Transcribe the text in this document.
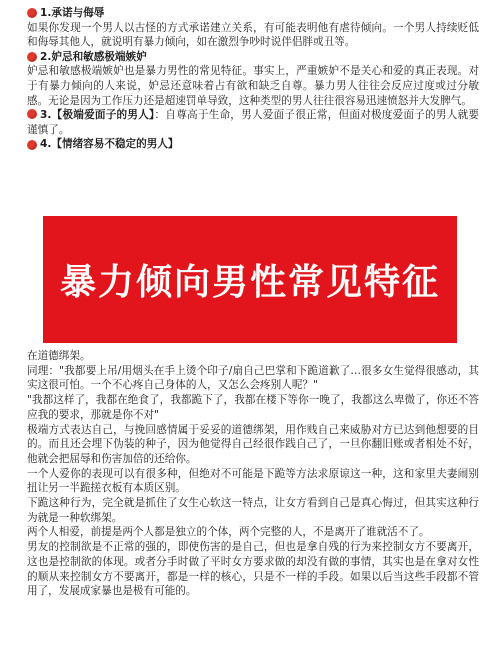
1.承诺与侮辱

如果你发现一个男人以古怪的方式承诺建立关系，有可能表明他有虐待倾向。一个男人持续贬低和侮辱其他人，就说明有暴力倾向，如在激烈争吵时说伴侣胖或丑等。

2.妒忌和敏感极端嫉妒

妒忌和敏感极端嫉妒也是暴力男性的常见特征。事实上，严重嫉妒不是关心和爱的真正表现。对于有暴力倾向的人来说，妒忌还意味着占有欲和缺乏自尊。暴力男人往往会反应过度或过分敏感。无论是因为工作压力还是超速罚单导致，这种类型的男人往往很容易迅速愤怒并大发脾气。

3.【极端爱面子的男人】：自尊高于生命，男人爱面子很正常，但面对极度爱面子的男人就要谨慎了。

4.【情绪容易不稳定的男人】
暴力倾向男性常见特征

在道德绑架。

同理："我都要上吊/用烟头在手上烫个印子/扇自己巴掌和下跪道歉了…很多女生觉得很感动，其实这很可怕。一个不心疼自己身体的人，又怎么会疼别人呢？"

"我都这样了，我都在绝食了，我都跪下了，我都在楼下等你一晚了，我都这么卑微了，你还不答应我的要求，那就是你不对"

极端方式表达自己，与挽回感情属于妥妥的道德绑架，用作贱自己来威胁对方已达到他想要的目的。而且还会埋下伪装的种子，因为他觉得自己经很作践自己了，一旦你翻旧账或者相处不好，他就会把屈辱和伤害加倍的还给你。

一个人爱你的表现可以有很多种，但绝对不可能是下跪等方法求原谅这一种，这和家里夫妻闹别扭让另一半跪搓衣板有本质区别。

下跪这种行为，完全就是抓住了女生心软这一特点，让女方看到自己是真心悔过，但其实这种行为就是一种软绑架。

两个人相爱，前提是两个人都是独立的个体，两个完整的人，不是离开了谁就活不了。

男友的控制欲是不正常的强的，即使伤害的是自己，但也是拿自残的行为来控制女方不要离开，这也是控制欲的体现。或者分手时做了平时女方要求做的却没有做的事情，其实也是在拿对女性的顺从来控制女方不要离开，都是一样的核心，只是不一样的手段。如果以后当这些手段都不管用了，发展成家暴也是极有可能的。
